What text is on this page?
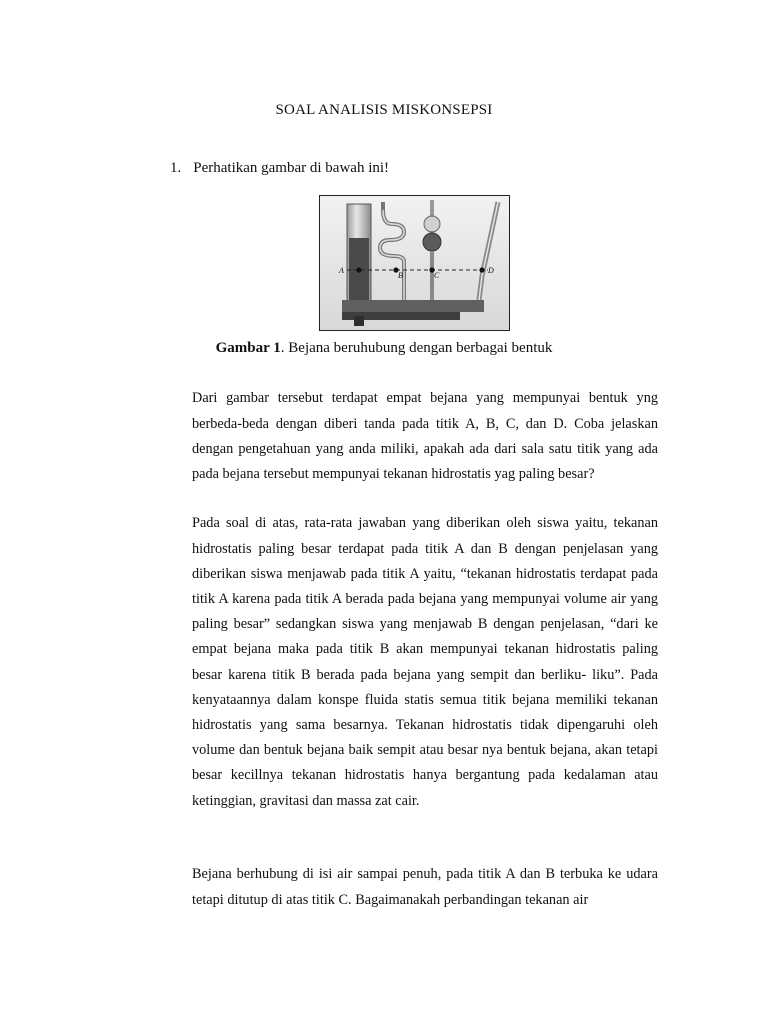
SOAL ANALISIS MISKONSEPSI
1. Perhatikan gambar di bawah ini!
A
B	C
D
Gambar 1. Bejana beruhubung dengan berbagai bentuk

Dari gambar tersebut terdapat empat bejana yang mempunyai bentuk yng berbeda-beda dengan diberi tanda pada titik A, B, C, dan D. Coba jelaskan dengan pengetahuan yang anda miliki, apakah ada dari sala satu titik yang ada pada bejana tersebut mempunyai tekanan hidrostatis yag paling besar?

Pada soal di atas, rata-rata jawaban yang diberikan oleh siswa yaitu, tekanan hidrostatis paling besar terdapat pada titik A dan B dengan penjelasan yang diberikan siswa menjawab pada titik A yaitu, “tekanan hidrostatis terdapat pada titik A karena pada titik A berada pada bejana yang mempunyai volume air yang paling besar” sedangkan siswa yang menjawab B dengan penjelasan, “dari ke empat bejana maka pada titik B akan mempunyai tekanan hidrostatis paling besar karena titik B berada pada bejana yang sempit dan berliku- liku”. Pada kenyataannya dalam konspe fluida statis semua titik bejana memiliki tekanan hidrostatis yang sama besarnya. Tekanan hidrostatis tidak dipengaruhi oleh volume dan bentuk bejana baik sempit atau besar nya bentuk bejana, akan tetapi besar kecillnya tekanan hidrostatis hanya bergantung pada kedalaman atau ketinggian, gravitasi dan massa zat cair.

Bejana berhubung di isi air sampai penuh, pada titik A dan B terbuka ke udara tetapi ditutup di atas titik C. Bagaimanakah perbandingan tekanan air
